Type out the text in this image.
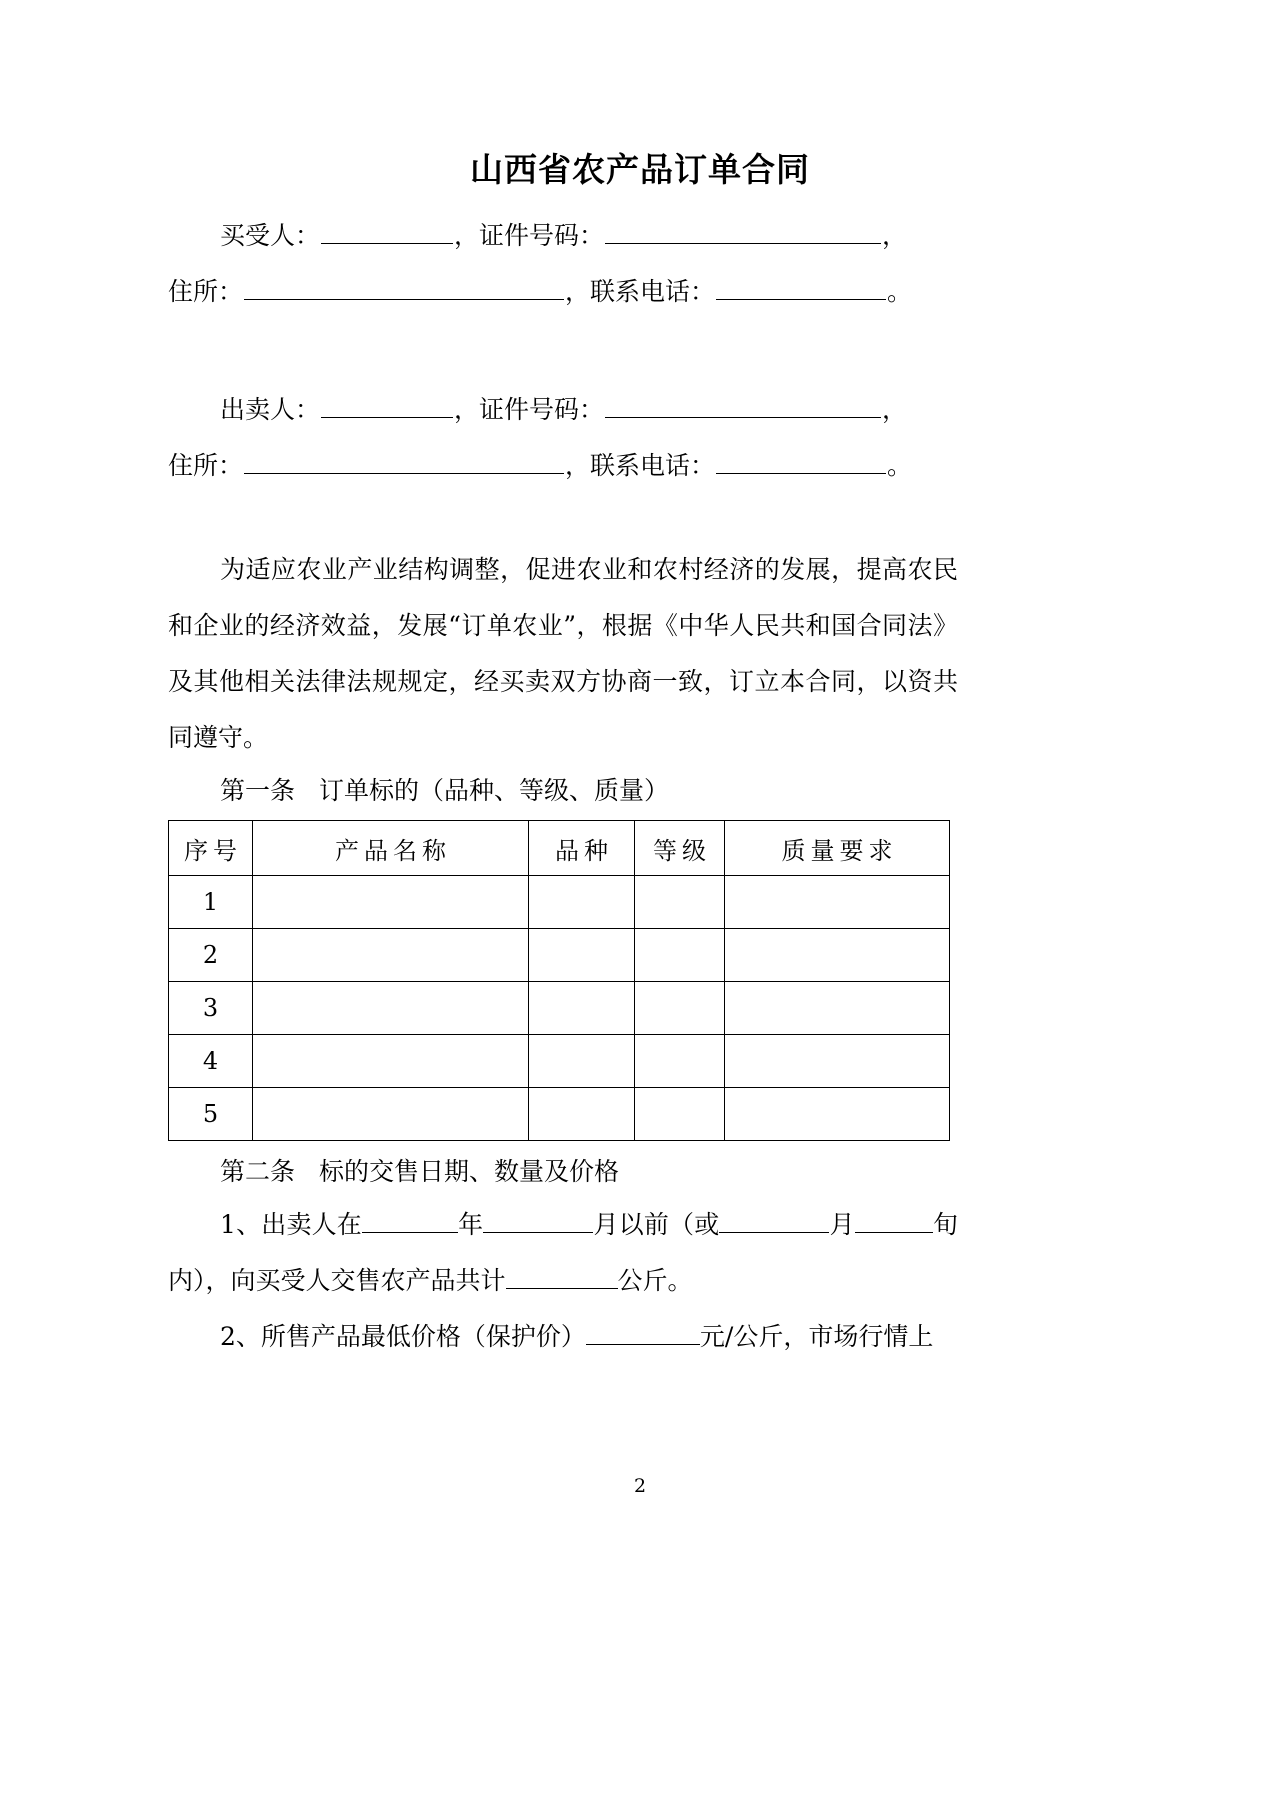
山西省农产品订单合同
买受人：	，证件号码：	，
住所：	，联系电话：	。
出卖人：	，证件号码：	，
住所：	，联系电话：	。

为适应农业产业结构调整，促进农业和农村经济的发展，提高农民和企业的经济效益，发展“订单农业”，根据《中华人民共和国合同法》及其他相关法律法规规定，经买卖双方协商一致，订立本合同，以资共同遵守。

第一条 订单标的（品种、等级、质量）
序号	产品名称	品种	等级	质量要求
1				
2				
3				
4				
5				
第二条 标的交售日期、数量及价格

1、出卖人在	年	月以前（或	月	旬内），向买受人交售农产品共计	公斤。

2、所售产品最低价格（保护价）	元/公斤，市场行情上

2
